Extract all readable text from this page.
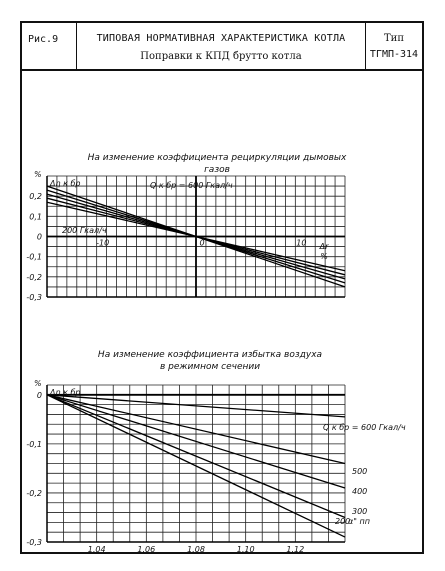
Рис.9	ТИПОВАЯ НОРМАТИВНАЯ ХАРАКТЕРИСТИКА КОТЛА
Поправки к КПД брутто котла
Тип
ТГМП-314
На изменение коэффициента рециркуляции дымовых газов
0,2
0,1
0
-0,1
-0,2
-0,3
-10	0	10
%
Δη к бр
Δr
%
Q к бр = 600 Гкал/ч
200 Гкал/ч
На изменение коэффициента избытка воздуха в режимном сечении
0
-0,1
-0,2
-0,3
1,04	1,06	1,08	1,10	1,12
%
Δη к бр
Q к бр = 600 Гкал/ч
500
400
300
200
α" пп
